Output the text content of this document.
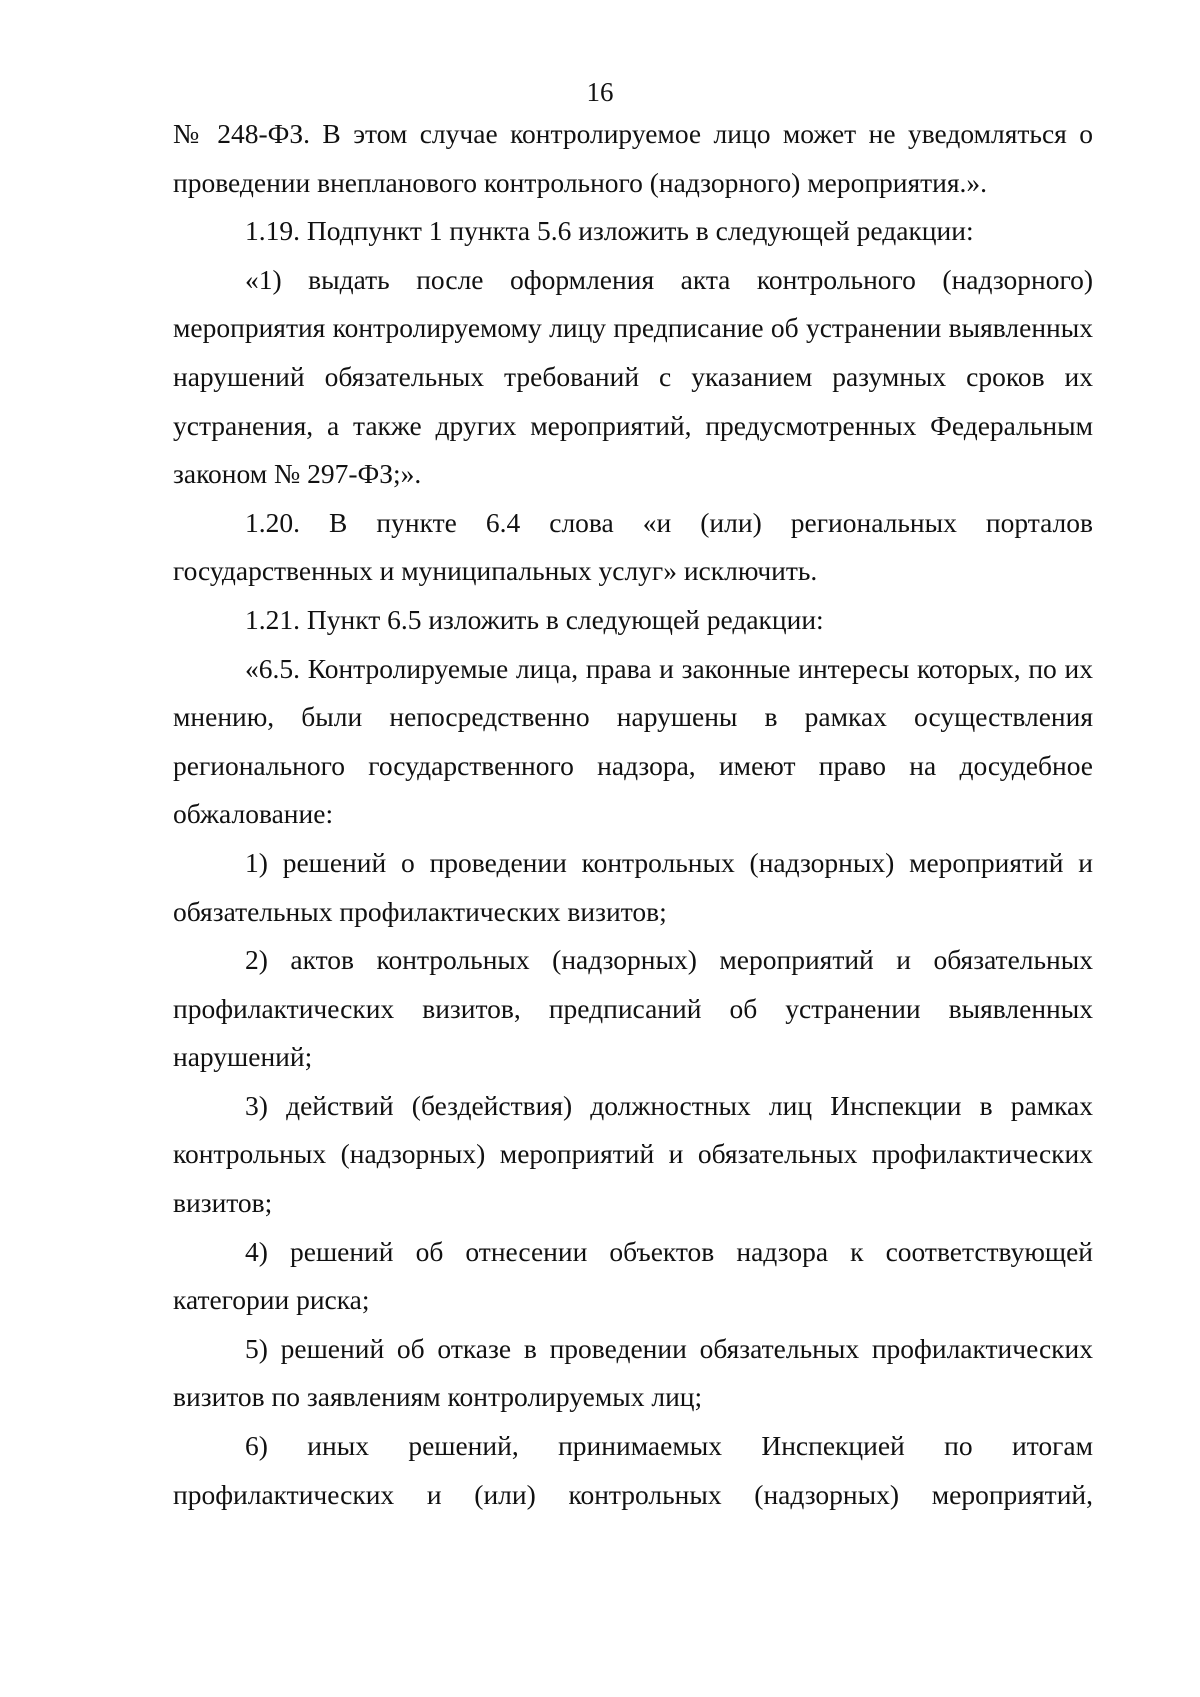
16

№ 248-ФЗ. В этом случае контролируемое лицо может не уведомляться о проведении внепланового контрольного (надзорного) мероприятия.».

1.19. Подпункт 1 пункта 5.6 изложить в следующей редакции:

«1) выдать после оформления акта контрольного (надзорного) мероприятия контролируемому лицу предписание об устранении выявленных нарушений обязательных требований с указанием разумных сроков их устранения, а также других мероприятий, предусмотренных Федеральным законом № 297-ФЗ;».

1.20. В пункте 6.4 слова «и (или) региональных порталов государственных и муниципальных услуг» исключить.

1.21. Пункт 6.5 изложить в следующей редакции:

«6.5. Контролируемые лица, права и законные интересы которых, по их мнению, были непосредственно нарушены в рамках осуществления регионального государственного надзора, имеют право на досудебное обжалование:

1) решений о проведении контрольных (надзорных) мероприятий и обязательных профилактических визитов;

2) актов контрольных (надзорных) мероприятий и обязательных профилактических визитов, предписаний об устранении выявленных нарушений;

3) действий (бездействия) должностных лиц Инспекции в рамках контрольных (надзорных) мероприятий и обязательных профилактических визитов;

4) решений об отнесении объектов надзора к соответствующей категории риска;

5) решений об отказе в проведении обязательных профилактических визитов по заявлениям контролируемых лиц;

6) иных решений, принимаемых Инспекцией по итогам профилактических и (или) контрольных (надзорных) мероприятий,
